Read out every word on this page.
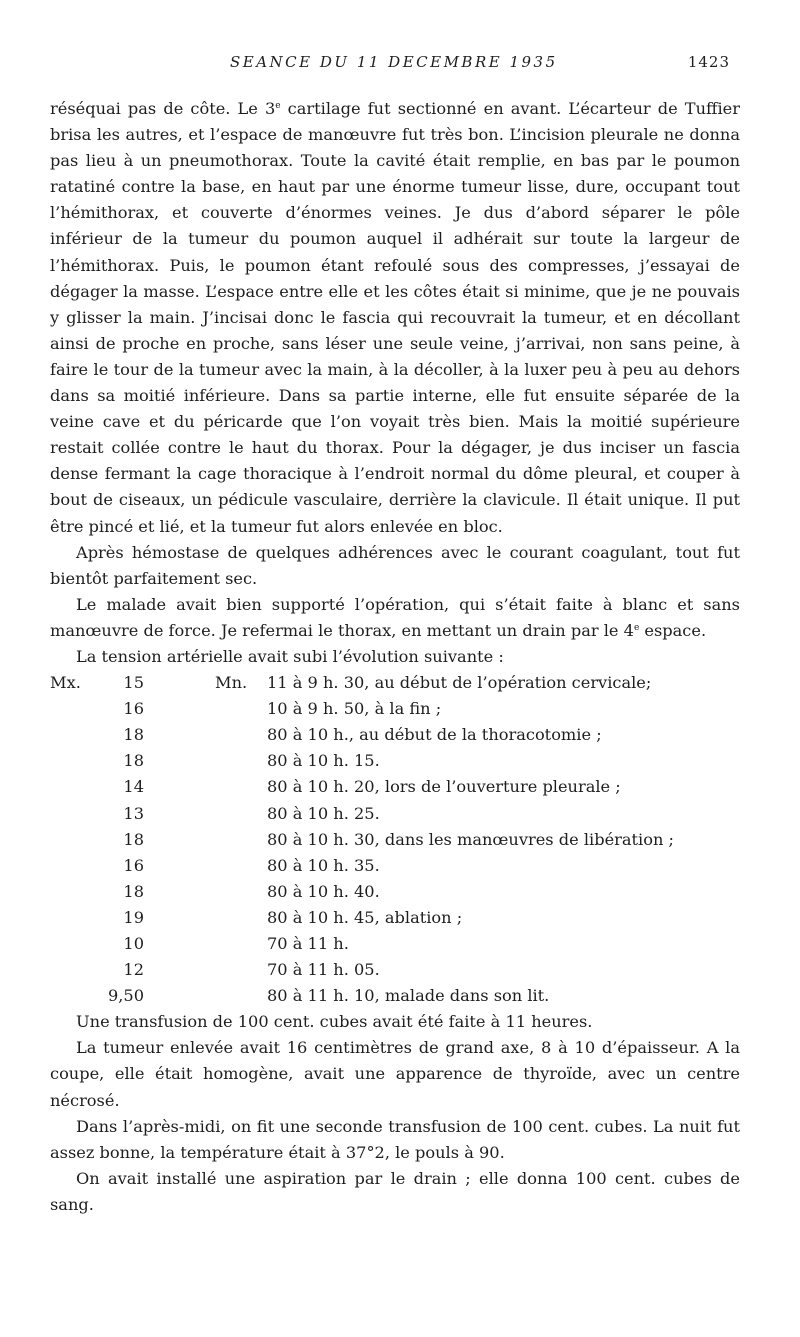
SEANCE DU 11 DECEMBRE 1935	1423

réséquai pas de côte. Le 3e cartilage fut sectionné en avant. L’écarteur de Tuffier brisa les autres, et l’espace de manœuvre fut très bon. L’incision pleurale ne donna pas lieu à un pneumothorax. Toute la cavité était remplie, en bas par le poumon ratatiné contre la base, en haut par une énorme tumeur lisse, dure, occupant tout l’hémithorax, et couverte d’énormes veines. Je dus d’abord séparer le pôle inférieur de la tumeur du poumon auquel il adhérait sur toute la largeur de l’hémithorax. Puis, le poumon étant refoulé sous des compresses, j’essayai de dégager la masse. L’espace entre elle et les côtes était si minime, que je ne pouvais y glisser la main. J’incisai donc le fascia qui recouvrait la tumeur, et en décollant ainsi de proche en proche, sans léser une seule veine, j’arrivai, non sans peine, à faire le tour de la tumeur avec la main, à la décoller, à la luxer peu à peu au dehors dans sa moitié inférieure. Dans sa partie interne, elle fut ensuite séparée de la veine cave et du péricarde que l’on voyait très bien. Mais la moitié supérieure restait collée contre le haut du thorax. Pour la dégager, je dus inciser un fascia dense fermant la cage thoracique à l’endroit normal du dôme pleural, et couper à bout de ciseaux, un pédicule vasculaire, derrière la clavicule. Il était unique. Il put être pincé et lié, et la tumeur fut alors enlevée en bloc.

Après hémostase de quelques adhérences avec le courant coagulant, tout fut bientôt parfaitement sec.

Le malade avait bien supporté l’opération, qui s’était faite à blanc et sans manœuvre de force. Je refermai le thorax, en mettant un drain par le 4e espace.

La tension artérielle avait subi l’évolution suivante :

Mx. 15	Mn. 11 à 9 h. 30, au début de l’opération cervicale;
16	10 à 9 h. 50, à la fin ;
18	80 à 10 h., au début de la thoracotomie ;
18	80 à 10 h. 15.
14	80 à 10 h. 20, lors de l’ouverture pleurale ;
13	80 à 10 h. 25.
18	80 à 10 h. 30, dans les manœuvres de libération ;
16	80 à 10 h. 35.
18	80 à 10 h. 40.
19	80 à 10 h. 45, ablation ;
10	70 à 11 h.
12	70 à 11 h. 05.
9,50	80 à 11 h. 10, malade dans son lit.

Une transfusion de 100 cent. cubes avait été faite à 11 heures.

La tumeur enlevée avait 16 centimètres de grand axe, 8 à 10 d’épaisseur. A la coupe, elle était homogène, avait une apparence de thyroïde, avec un centre nécrosé.

Dans l’après-midi, on fit une seconde transfusion de 100 cent. cubes. La nuit fut assez bonne, la température était à 37°2, le pouls à 90.

On avait installé une aspiration par le drain ; elle donna 100 cent. cubes de sang.
